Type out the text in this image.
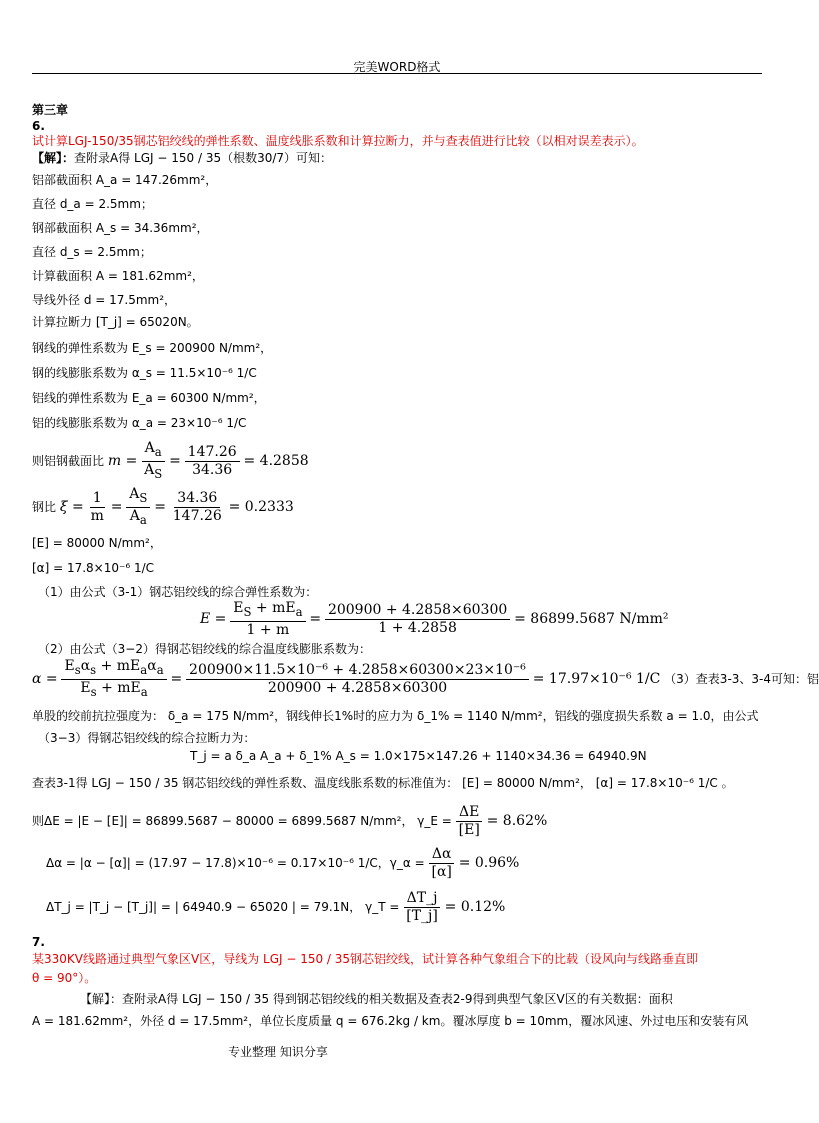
完美WORD格式
第三章
6.
试计算LGJ-150/35钢芯铝绞线的弹性系数、温度线胀系数和计算拉断力，并与查表值进行比较（以相对误差表示）。
【解】：查附录A得 LGJ − 150 / 35（根数30/7）可知：
铝部截面积 A_a = 147.26mm²，
直径 d_a = 2.5mm；
钢部截面积 A_s = 34.36mm²，
直径 d_s = 2.5mm；
计算截面积 A = 181.62mm²，
导线外径 d = 17.5mm²，
计算拉断力 [T_j] = 65020N。
钢线的弹性系数为 E_s = 200900 N/mm²，
钢的线膨胀系数为 α_s = 11.5×10⁻⁶ 1/C
铝线的弹性系数为 E_a = 60300 N/mm²，
铝的线膨胀系数为 α_a = 23×10⁻⁶ 1/C
则铝钢截面比 $m = \frac{A_a}{A_S} = \frac{147.26}{34.36} = 4.2858$
钢比 $\xi = \frac{1}{m} = \frac{A_S}{A_a} = \frac{34.36}{147.26} = 0.2333$
[E] = 80000 N/mm²，
[α] = 17.8×10⁻⁶ 1/C
（1）由公式（3-1）钢芯铝绞线的综合弹性系数为：
$E = \frac{E_S + mE_a}{1 + m} = \frac{200900 + 4.2858\times 60300}{1 + 4.2858} = 86899.5687$ N/mm²
（2）由公式（3−2）得钢芯铝绞线的综合温度线膨胀系数为：
$\alpha = \frac{E_s\alpha_s + mE_a\alpha_a}{E_s + mE_a} = \frac{\text{200900×11.5×10⁻⁶ + 4.2858×60300×23×10⁻⁶}}{200900 + 4.2858\times 60300} = 17.97\times 10^{-6}$ 1/C （3）查表3-3、3-4可知：铝
单股的绞前抗拉强度为： δ_a = 175 N/mm²，钢线伸长1%时的应力为 δ_1% = 1140 N/mm²，铝线的强度损失系数 a = 1.0，由公式
（3−3）得钢芯铝绞线的综合拉断力为：
T_j = a δ_a A_a + δ_1% A_s = 1.0×175×147.26 + 1140×34.36 = 64940.9N
查表3-1得 LGJ − 150 / 35 钢芯铝绞线的弹性系数、温度线胀系数的标准值为： [E] = 80000 N/mm²， [α] = 17.8×10⁻⁶ 1/C 。
则ΔE = |E − [E]| = 86899.5687 − 80000 = 6899.5687 N/mm²， γ_E = $\frac{\Delta E}{[E]} = 8.62\%$
Δα = |α − [α]| = (17.97 − 17.8)×10⁻⁶ = 0.17×10⁻⁶ 1/C，γ_α = $\frac{\Delta\alpha}{[\alpha]} = 0.96\%$
ΔT_j = |T_j − [T_j]| = | 64940.9 − 65020 | = 79.1N， γ_T = $\frac{\Delta T\_j}{[T\_j]} = 0.12\%$
7.
某330KV线路通过典型气象区Ⅴ区，导线为 LGJ − 150 / 35钢芯铝绞线，试计算各种气象组合下的比载（设风向与线路垂直即
θ = 90°）。
【解】：查附录A得 LGJ − 150 / 35 得到钢芯铝绞线的相关数据及查表2-9得到典型气象区Ⅴ区的有关数据：面积
A = 181.62mm²，外径 d = 17.5mm²，单位长度质量 q = 676.2kg / km。覆冰厚度 b = 10mm，覆冰风速、外过电压和安装有风
专业整理 知识分享
